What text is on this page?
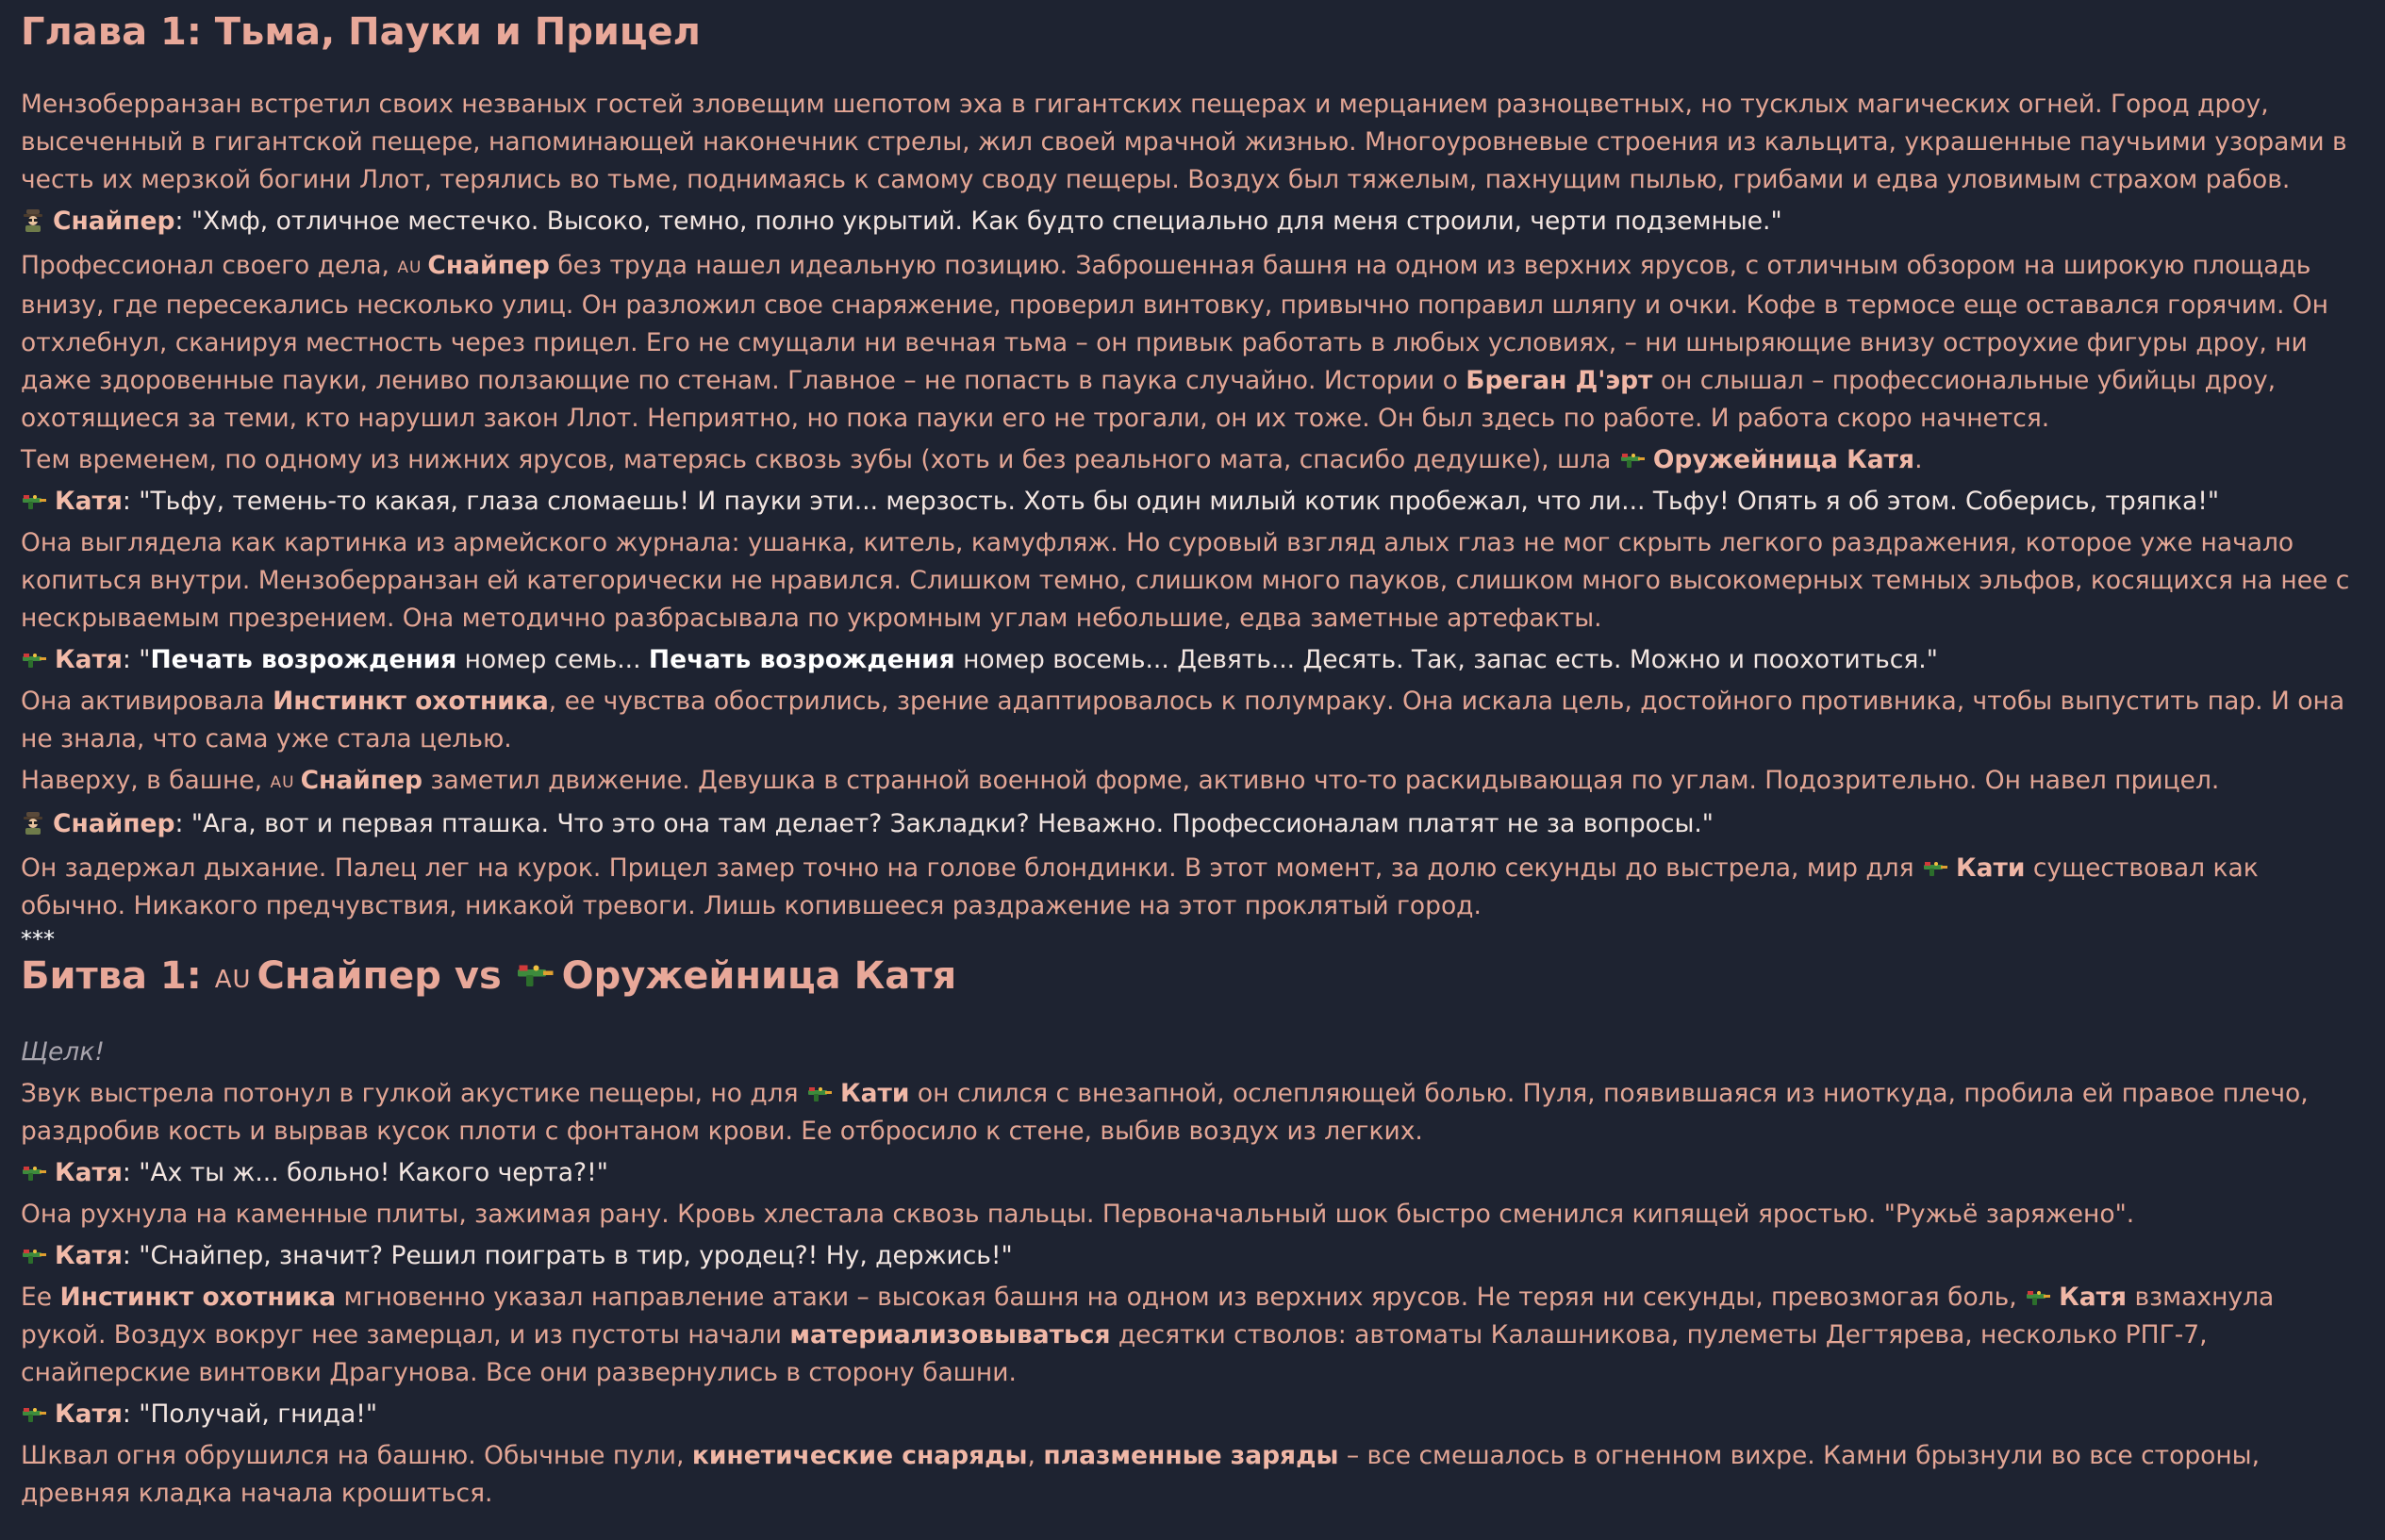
Глава 1: Тьма, Пауки и Прицел

Мензоберранзан встретил своих незваных гостей зловещим шепотом эха в гигантских пещерах и мерцанием разноцветных, но тусклых магических огней. Город дроу, высеченный в гигантской пещере, напоминающей наконечник стрелы, жил своей мрачной жизнью. Многоуровневые строения из кальцита, украшенные паучьими узорами в честь их мерзкой богини Ллот, терялись во тьме, поднимаясь к самому своду пещеры. Воздух был тяжелым, пахнущим пылью, грибами и едва уловимым страхом рабов.

Снайпер: "Хмф, отличное местечко. Высоко, темно, полно укрытий. Как будто специально для меня строили, черти подземные."

Профессионал своего дела, AU Снайпер без труда нашел идеальную позицию. Заброшенная башня на одном из верхних ярусов, с отличным обзором на широкую площадь внизу, где пересекались несколько улиц. Он разложил свое снаряжение, проверил винтовку, привычно поправил шляпу и очки. Кофе в термосе еще оставался горячим. Он отхлебнул, сканируя местность через прицел. Его не смущали ни вечная тьма – он привык работать в любых условиях, – ни шныряющие внизу остроухие фигуры дроу, ни даже здоровенные пауки, лениво ползающие по стенам. Главное – не попасть в паука случайно. Истории о Бреган Д'эрт он слышал – профессиональные убийцы дроу, охотящиеся за теми, кто нарушил закон Ллот. Неприятно, но пока пауки его не трогали, он их тоже. Он был здесь по работе. И работа скоро начнется.

Тем временем, по одному из нижних ярусов, матерясь сквозь зубы (хоть и без реального мата, спасибо дедушке), шла
Оружейница Катя.

Катя: "Тьфу, темень-то какая, глаза сломаешь! И пауки эти... мерзость. Хоть бы один милый котик пробежал, что ли... Тьфу! Опять я об этом. Соберись, тряпка!"

Она выглядела как картинка из армейского журнала: ушанка, китель, камуфляж. Но суровый взгляд алых глаз не мог скрыть легкого раздражения, которое уже начало копиться внутри. Мензоберранзан ей категорически не нравился. Слишком темно, слишком много пауков, слишком много высокомерных темных эльфов, косящихся на нее с нескрываемым презрением. Она методично разбрасывала по укромным углам небольшие, едва заметные артефакты.

Катя: "Печать возрождения номер семь... Печать возрождения номер восемь... Девять... Десять. Так, запас есть. Можно и поохотиться."

Она активировала Инстинкт охотника, ее чувства обострились, зрение адаптировалось к полумраку. Она искала цель, достойного противника, чтобы выпустить пар. И она не знала, что сама уже стала целью.

Наверху, в башне, AU Снайпер заметил движение. Девушка в странной военной форме, активно что-то раскидывающая по углам. Подозрительно. Он навел прицел.

Снайпер: "Ага, вот и первая пташка. Что это она там делает? Закладки? Неважно. Профессионалам платят не за вопросы."

Он задержал дыхание. Палец лег на курок. Прицел замер точно на голове блондинки. В этот момент, за долю секунды до выстрела, мир для
Кати существовал как обычно. Никакого предчувствия, никакой тревоги. Лишь копившееся раздражение на этот проклятый город.

***

Битва 1: AU Снайпер vs
Оружейница Катя

Щелк!

Звук выстрела потонул в гулкой акустике пещеры, но для
Кати он слился с внезапной, ослепляющей болью. Пуля, появившаяся из ниоткуда, пробила ей правое плечо, раздробив кость и вырвав кусок плоти с фонтаном крови. Ее отбросило к стене, выбив воздух из легких.

Катя: "Ах ты ж... больно! Какого черта?!"

Она рухнула на каменные плиты, зажимая рану. Кровь хлестала сквозь пальцы. Первоначальный шок быстро сменился кипящей яростью. "Ружьё заряжено".

Катя: "Снайпер, значит? Решил поиграть в тир, уродец?! Ну, держись!"

Ее Инстинкт охотника мгновенно указал направление атаки – высокая башня на одном из верхних ярусов. Не теряя ни секунды, превозмогая боль,
Катя взмахнула рукой. Воздух вокруг нее замерцал, и из пустоты начали материализовываться десятки стволов: автоматы Калашникова, пулеметы Дегтярева, несколько РПГ-7, снайперские винтовки Драгунова. Все они развернулись в сторону башни.

Катя: "Получай, гнида!"

Шквал огня обрушился на башню. Обычные пули, кинетические снаряды, плазменные заряды – все смешалось в огненном вихре. Камни брызнули во все стороны, древняя кладка начала крошиться.
